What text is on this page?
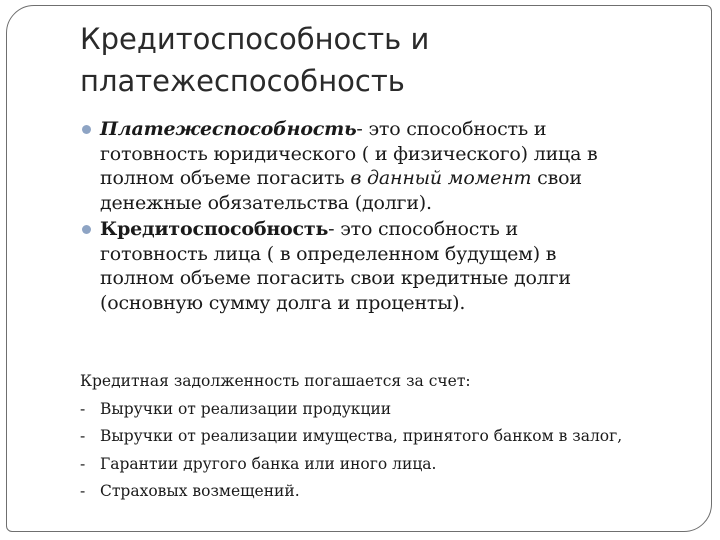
Кредитоспособность и
платежеспособность
Платежеспособность- это способность и
готовность юридического ( и физического) лица в
полном объеме погасить в данный момент свои
денежные обязательства (долги).
Кредитоспособность- это способность и
готовность лица ( в определенном будущем) в
полном объеме погасить свои кредитные долги
(основную сумму долга и проценты).
Кредитная задолженность погашается за счет:
- Выручки от реализации продукции
- Выручки от реализации имущества, принятого банком в залог,
- Гарантии другого банка или иного лица.
- Страховых возмещений.
